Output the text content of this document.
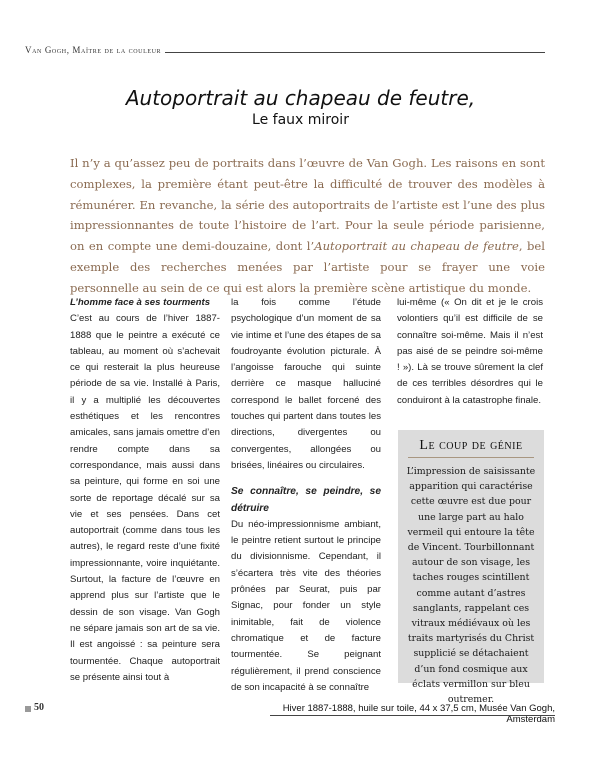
Van Gogh, Maître de la couleur
Autoportrait au chapeau de feutre,
Le faux miroir
Il n’y a qu’assez peu de portraits dans l’œuvre de Van Gogh. Les raisons en sont complexes, la première étant peut-être la difficulté de trouver des modèles à rémunérer. En revanche, la série des autoportraits de l’artiste est l’une des plus impressionnantes de toute l’histoire de l’art. Pour la seule période parisienne, on en compte une demi-douzaine, dont l’Autoportrait au chapeau de feutre, bel exemple des recherches menées par l’artiste pour se frayer une voie personnelle au sein de ce qui est alors la première scène artistique du monde.

L’homme face à ses tourments

C’est au cours de l’hiver 1887-1888 que le peintre a exécuté ce tableau, au moment où s’achevait ce qui resterait la plus heureuse période de sa vie. Installé à Paris, il y a multiplié les découvertes esthétiques et les rencontres amicales, sans jamais omettre d’en rendre compte dans sa correspondance, mais aussi dans sa peinture, qui forme en soi une sorte de reportage décalé sur sa vie et ses pensées. Dans cet autoportrait (comme dans tous les autres), le regard reste d’une fixité impressionnante, voire inquiétante. Surtout, la facture de l’œuvre en apprend plus sur l’artiste que le dessin de son visage. Van Gogh ne sépare jamais son art de sa vie. Il est angoissé : sa peinture sera tourmentée. Chaque autoportrait se présente ainsi tout à

la fois comme l’étude psychologique d’un moment de sa vie intime et l’une des étapes de sa foudroyante évolution picturale. À l’angoisse farouche qui suinte derrière ce masque halluciné correspond le ballet forcené des touches qui partent dans toutes les directions, divergentes ou convergentes, allongées ou brisées, linéaires ou circulaires.

Se connaître, se peindre, se détruire

Du néo-impressionnisme ambiant, le peintre retient surtout le principe du divisionnisme. Cependant, il s’écartera très vite des théories prônées par Seurat, puis par Signac, pour fonder un style inimitable, fait de violence chromatique et de facture tourmentée. Se peignant régulièrement, il prend conscience de son incapacité à se connaître

lui-même (« On dit et je le crois volontiers qu’il est difficile de se connaître soi-même. Mais il n’est pas aisé de se peindre soi-même ! »). Là se trouve sûrement la clef de ces terribles désordres qui le conduiront à la catastrophe finale.

Le coup de génie
L’impression de saisissante apparition qui caractérise cette œuvre est due pour une large part au halo vermeil qui entoure la tête de Vincent. Tourbillonnant autour de son visage, les taches rouges scintillent comme autant d’astres sanglants, rappelant ces vitraux médiévaux où les traits martyrisés du Christ supplicié se détachaient d’un fond cosmique aux éclats vermillon sur bleu outremer.
50	Hiver 1887-1888, huile sur toile, 44 x 37,5 cm, Musée Van Gogh, Amsterdam
